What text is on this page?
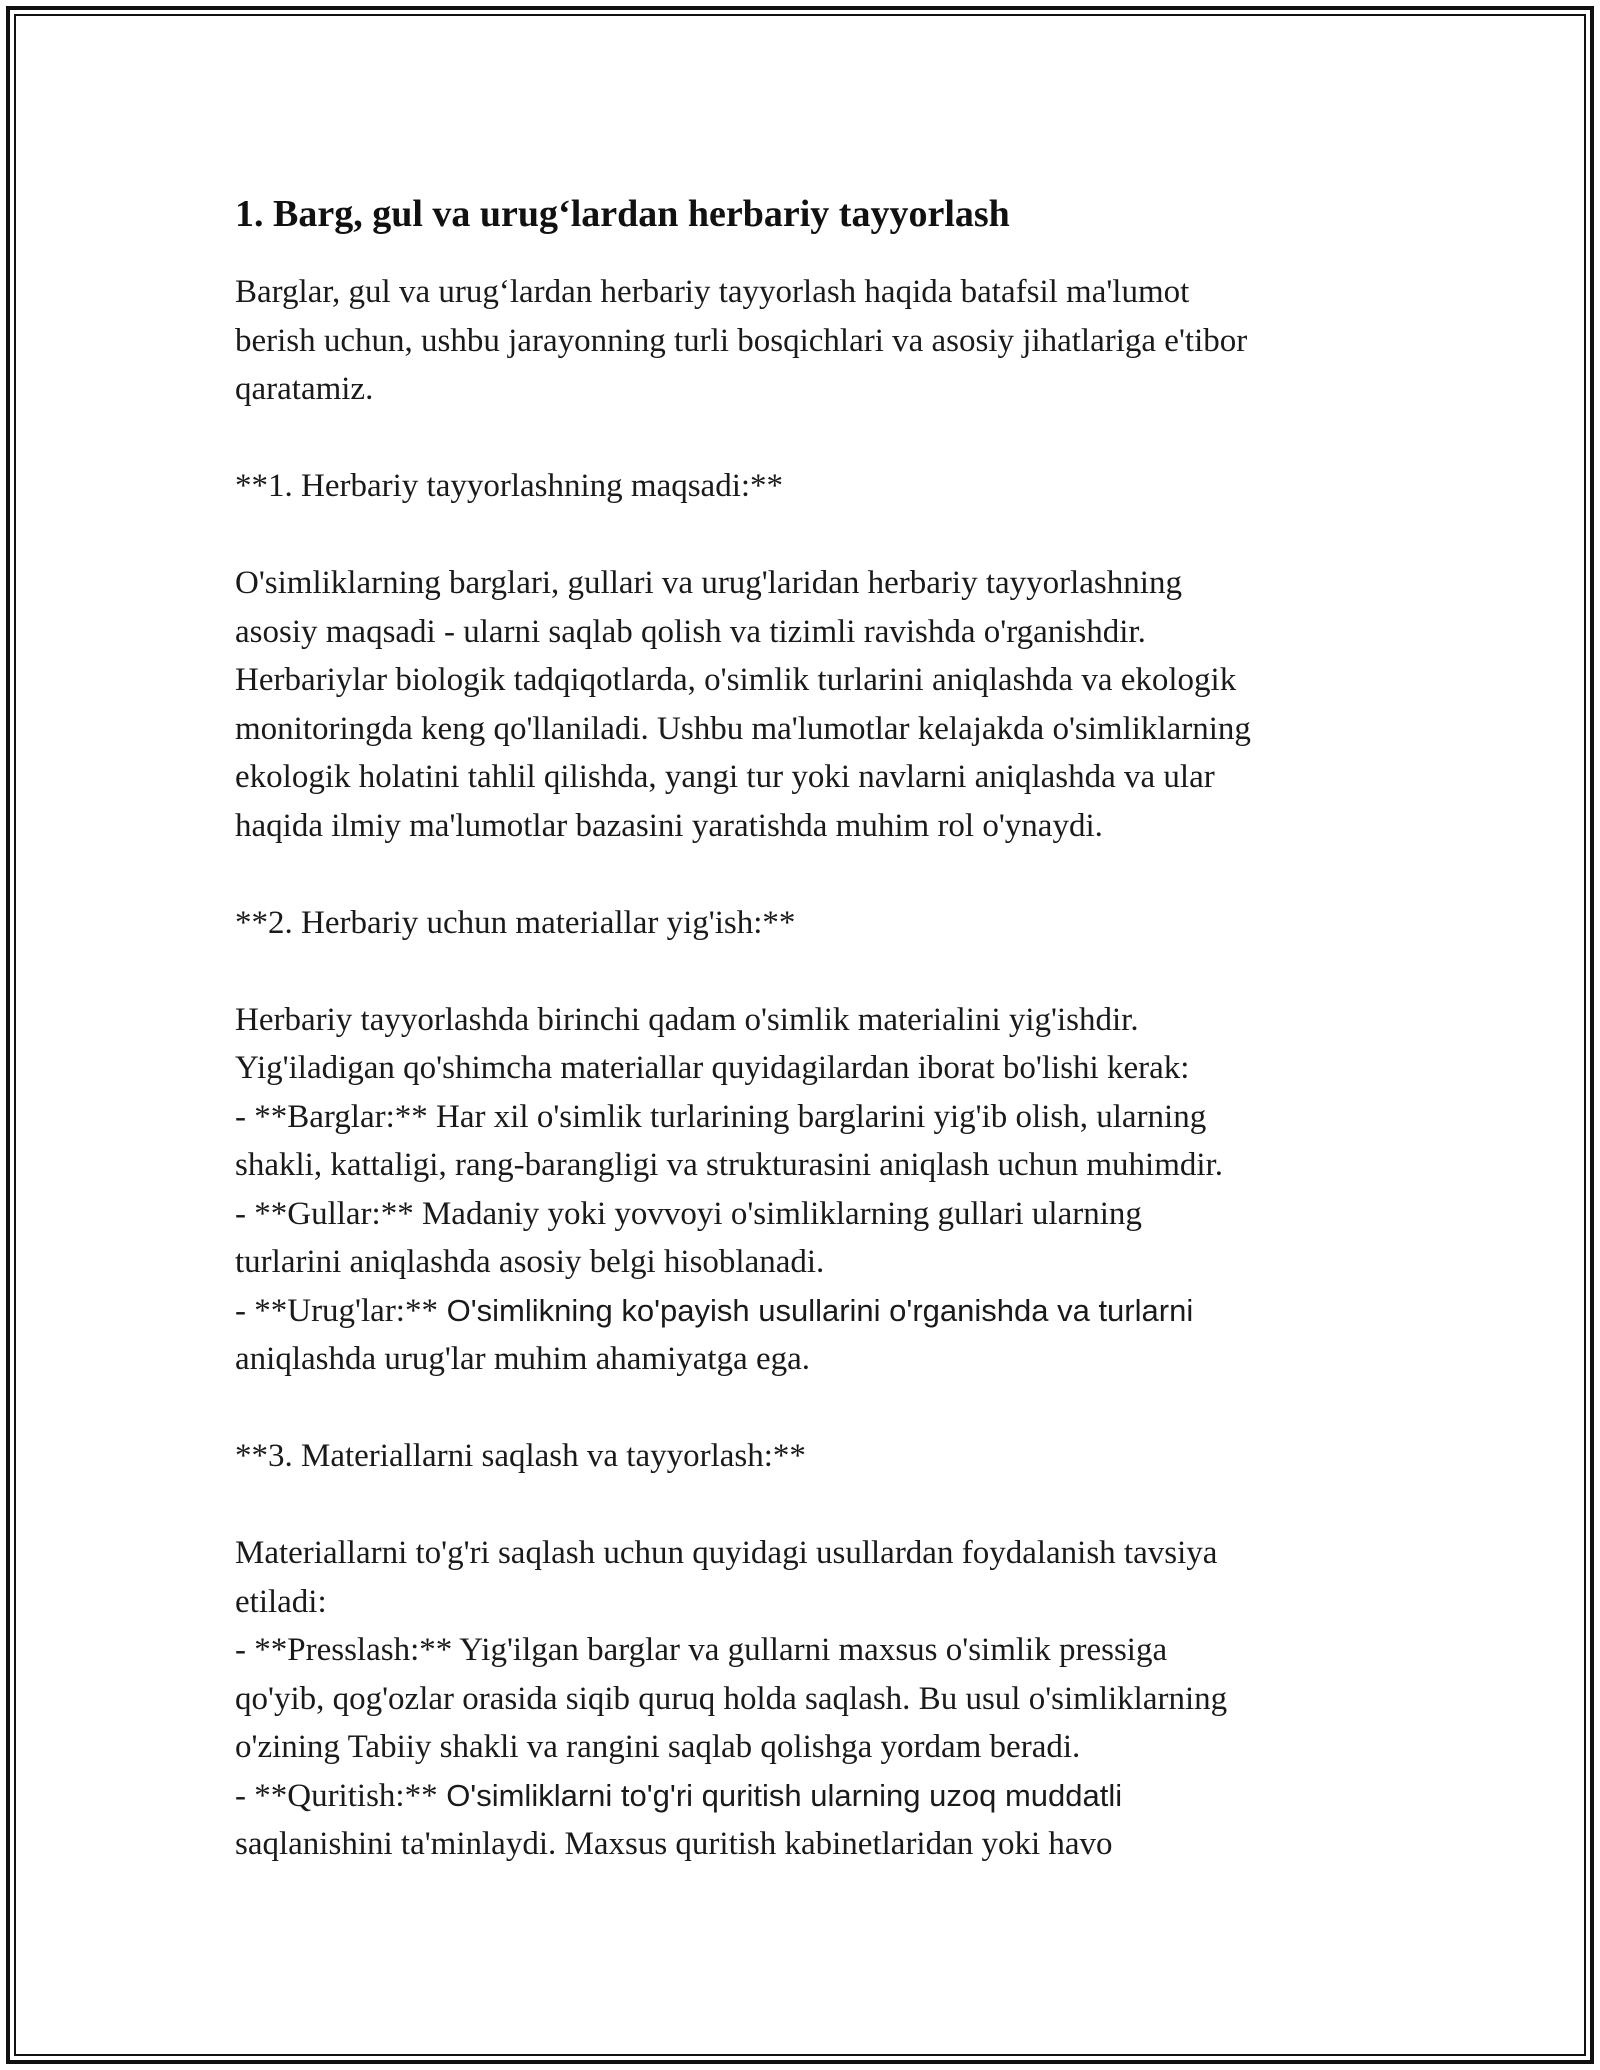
1. Barg, gul va urug‘lardan herbariy tayyorlash

Barglar, gul va urug‘lardan herbariy tayyorlash haqida batafsil ma'lumot
berish uchun, ushbu jarayonning turli bosqichlari va asosiy jihatlariga e'tibor
qaratamiz.

**1. Herbariy tayyorlashning maqsadi:**

O'simliklarning barglari, gullari va urug'laridan herbariy tayyorlashning
asosiy maqsadi - ularni saqlab qolish va tizimli ravishda o'rganishdir.
Herbariylar biologik tadqiqotlarda, o'simlik turlarini aniqlashda va ekologik
monitoringda keng qo'llaniladi. Ushbu ma'lumotlar kelajakda o'simliklarning
ekologik holatini tahlil qilishda, yangi tur yoki navlarni aniqlashda va ular
haqida ilmiy ma'lumotlar bazasini yaratishda muhim rol o'ynaydi.

**2. Herbariy uchun materiallar yig'ish:**

Herbariy tayyorlashda birinchi qadam o'simlik materialini yig'ishdir.
Yig'iladigan qo'shimcha materiallar quyidagilardan iborat bo'lishi kerak:
- **Barglar:** Har xil o'simlik turlarining barglarini yig'ib olish, ularning
shakli, kattaligi, rang-barangligi va strukturasini aniqlash uchun muhimdir.
- **Gullar:** Madaniy yoki yovvoyi o'simliklarning gullari ularning
turlarini aniqlashda asosiy belgi hisoblanadi.

- **Urug'lar:** O'simlikning ko'payish usullarini o'rganishda va turlarni

aniqlashda urug'lar muhim ahamiyatga ega.

**3. Materiallarni saqlash va tayyorlash:**

Materiallarni to'g'ri saqlash uchun quyidagi usullardan foydalanish tavsiya
etiladi:

- **Presslash:** Yig'ilgan barglar va gullarni maxsus o'simlik pressiga

qo'yib, qog'ozlar orasida siqib quruq holda saqlash. Bu usul o'simliklarning
o'zining Tabiiy shakli va rangini saqlab qolishga yordam beradi.

- **Quritish:** O'simliklarni to'g'ri quritish ularning uzoq muddatli

saqlanishini ta'minlaydi. Maxsus quritish kabinetlaridan yoki havo
